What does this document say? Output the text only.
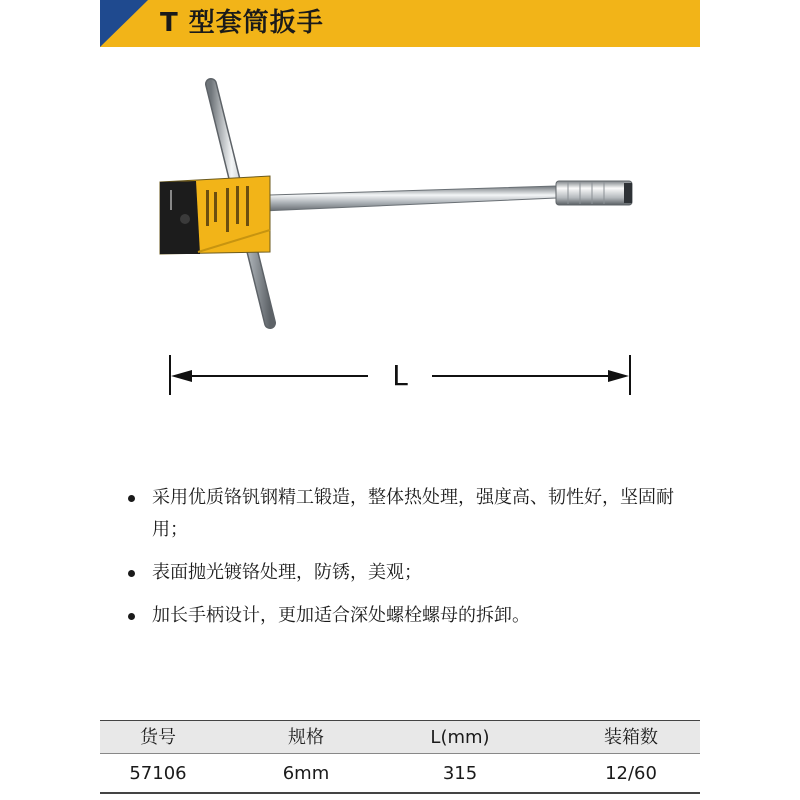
T 型套筒扳手
L
采用优质铬钒钢精工锻造，整体热处理，强度高、韧性好，坚固耐用；
表面抛光镀铬处理，防锈，美观；
加长手柄设计，更加适合深处螺栓螺母的拆卸。
货号	规格	L(mm)	装箱数
57106	6mm	315	12/60
